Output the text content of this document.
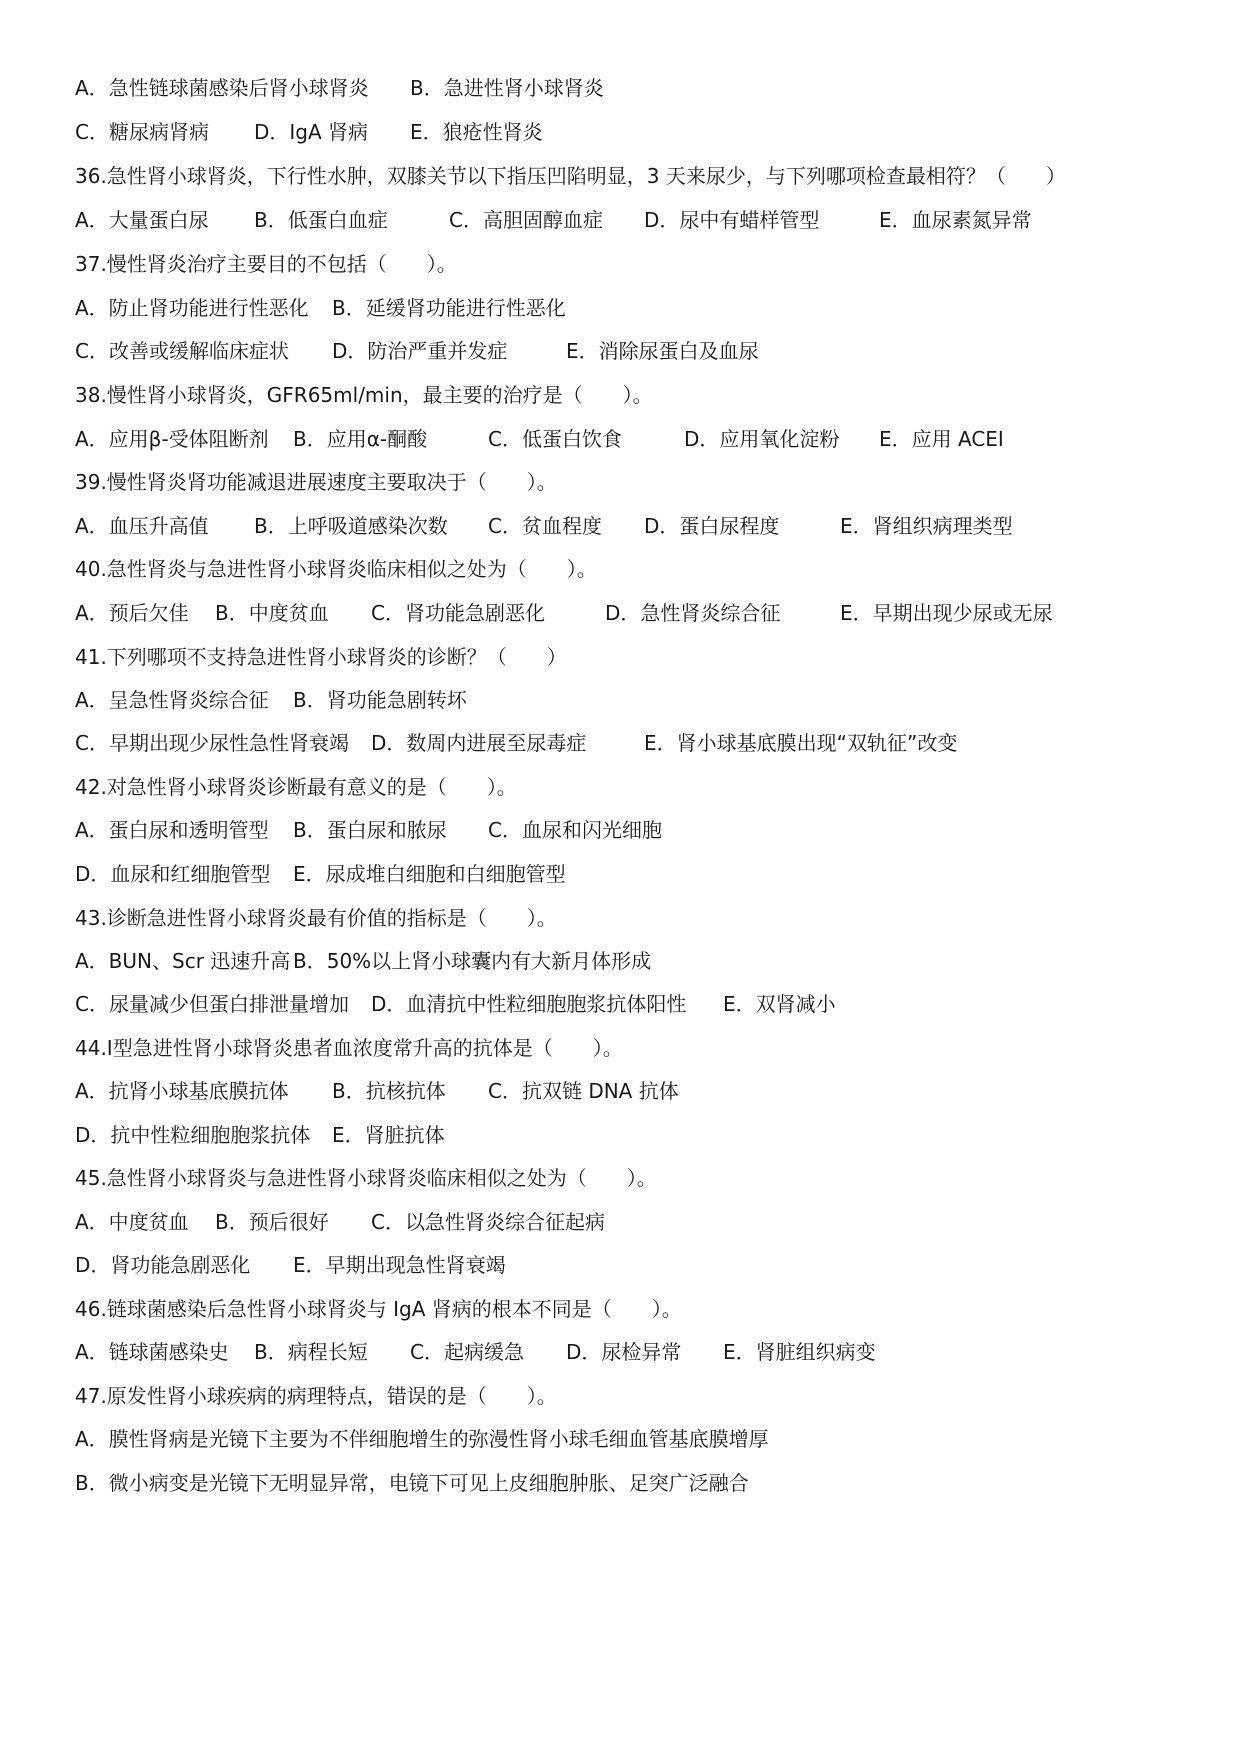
A．急性链球菌感染后肾小球肾炎 B．急进性肾小球肾炎
C．糖尿病肾病 D．IgA 肾病 E．狼疮性肾炎
36.急性肾小球肾炎，下行性水肿，双膝关节以下指压凹陷明显，3 天来尿少，与下列哪项检查最相符？（　　）
A．大量蛋白尿 B．低蛋白血症	C．高胆固醇血症 D．尿中有蜡样管型	E．血尿素氮异常
37.慢性肾炎治疗主要目的不包括（　　）。
A．防止肾功能进行性恶化 B．延缓肾功能进行性恶化
C．改善或缓解临床症状 D．防治严重并发症	E．消除尿蛋白及血尿
38.慢性肾小球肾炎，GFR65ml/min，最主要的治疗是（　　）。
A．应用β-受体阻断剂 B．应用α-酮酸	C．低蛋白饮食	D．应用氧化淀粉 E．应用 ACEI
39.慢性肾炎肾功能减退进展速度主要取决于（　　）。
A．血压升高值 B．上呼吸道感染次数 C．贫血程度 D．蛋白尿程度	E．肾组织病理类型
40.急性肾炎与急进性肾小球肾炎临床相似之处为（　　）。
A．预后欠佳 B．中度贫血 C．肾功能急剧恶化	D．急性肾炎综合征	E．早期出现少尿或无尿
41.下列哪项不支持急进性肾小球肾炎的诊断？（　　）
A．呈急性肾炎综合征 B．肾功能急剧转坏
C．早期出现少尿性急性肾衰竭 D．数周内进展至尿毒症	E．肾小球基底膜出现“双轨征”改变
42.对急性肾小球肾炎诊断最有意义的是（　　）。
A．蛋白尿和透明管型 B．蛋白尿和脓尿 C．血尿和闪光细胞
D．血尿和红细胞管型 E．尿成堆白细胞和白细胞管型
43.诊断急进性肾小球肾炎最有价值的指标是（　　）。
A．BUN、Scr 迅速升高 B．50%以上肾小球囊内有大新月体形成
C．尿量减少但蛋白排泄量增加 D．血清抗中性粒细胞胞浆抗体阳性 E．双肾减小
44.Ⅰ型急进性肾小球肾炎患者血浓度常升高的抗体是（　　）。
A．抗肾小球基底膜抗体 B．抗核抗体 C．抗双链 DNA 抗体
D．抗中性粒细胞胞浆抗体 E．肾脏抗体
45.急性肾小球肾炎与急进性肾小球肾炎临床相似之处为（　　）。
A．中度贫血 B．预后很好 C．以急性肾炎综合征起病
D．肾功能急剧恶化 E．早期出现急性肾衰竭
46.链球菌感染后急性肾小球肾炎与 IgA 肾病的根本不同是（　　）。
A．链球菌感染史 B．病程长短 C．起病缓急 D．尿检异常 E．肾脏组织病变
47.原发性肾小球疾病的病理特点，错误的是（　　）。
A．膜性肾病是光镜下主要为不伴细胞增生的弥漫性肾小球毛细血管基底膜增厚
B．微小病变是光镜下无明显异常，电镜下可见上皮细胞肿胀、足突广泛融合
